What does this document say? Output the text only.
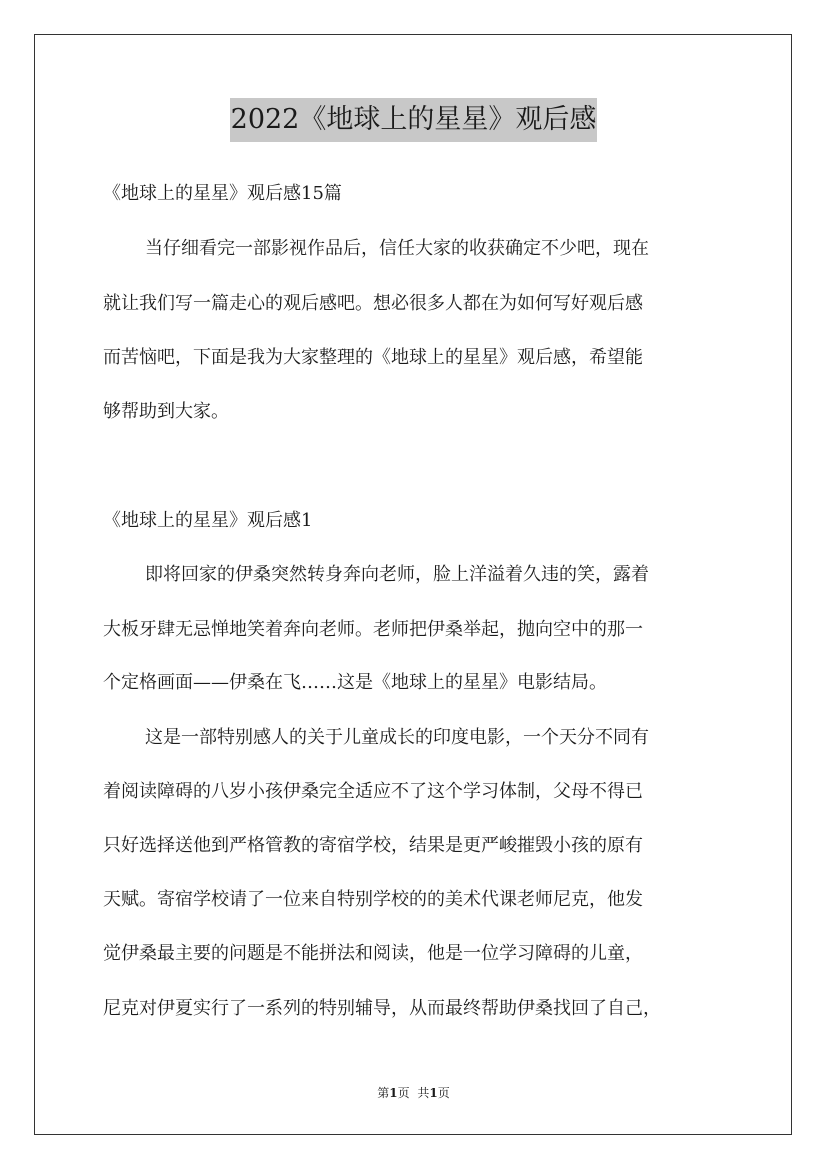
2022《地球上的星星》观后感
《地球上的星星》观后感15篇
当仔细看完一部影视作品后，信任大家的收获确定不少吧，现在
就让我们写一篇走心的观后感吧。想必很多人都在为如何写好观后感
而苦恼吧，下面是我为大家整理的《地球上的星星》观后感，希望能
够帮助到大家。
《地球上的星星》观后感1
即将回家的伊桑突然转身奔向老师，脸上洋溢着久违的笑，露着
大板牙肆无忌惮地笑着奔向老师。老师把伊桑举起，抛向空中的那一
个定格画面——伊桑在飞……这是《地球上的星星》电影结局。
这是一部特别感人的关于儿童成长的印度电影，一个天分不同有
着阅读障碍的八岁小孩伊桑完全适应不了这个学习体制，父母不得已
只好选择送他到严格管教的寄宿学校，结果是更严峻摧毁小孩的原有
天赋。寄宿学校请了一位来自特别学校的的美术代课老师尼克，他发
觉伊桑最主要的问题是不能拼法和阅读，他是一位学习障碍的儿童，
尼克对伊夏实行了一系列的特别辅导，从而最终帮助伊桑找回了自己，
第1页 共1页
